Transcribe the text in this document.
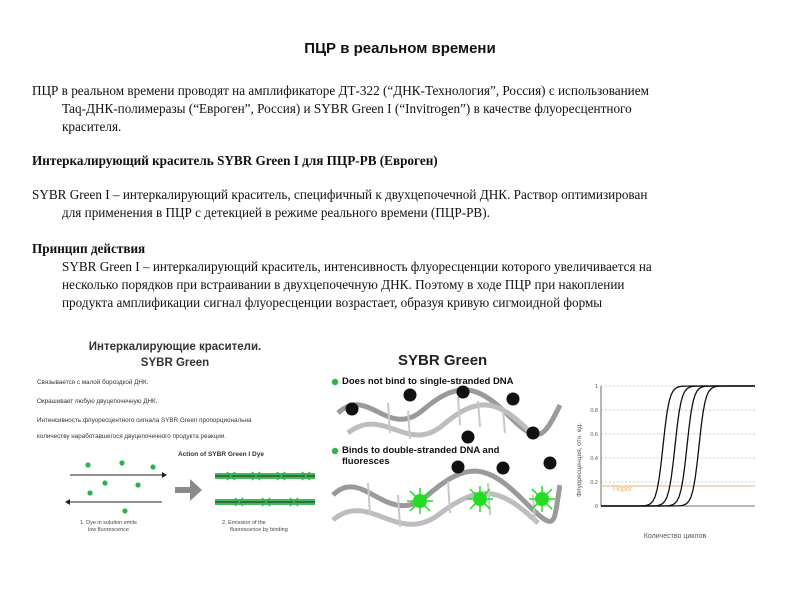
ПЦР в реальном времени
ПЦР в реальном времени проводят на амплификаторе ДТ-322 (“ДНК-Технология”, Россия) с использованием
Taq-ДНК-полимеразы (“Евроген”, Россия) и SYBR Green I (“Invitrogen”) в качестве флуоресцентного
красителя.
Интеркалирующий краситель SYBR Green I для ПЦР-РВ (Евроген)
SYBR Green I – интеркалирующий краситель, специфичный к двухцепочечной ДНК. Раствор оптимизирован
для применения в ПЦР с детекцией в режиме реального времени (ПЦР-РВ).
Принцип действия
SYBR Green I – интеркалирующий краситель, интенсивность флуоресценции которого увеличивается на
несколько порядков при встраивании в двухцепочечную ДНК. Поэтому в ходе ПЦР при накоплении
продукта амплификации сигнал флуоресценции возрастает, образуя кривую сигмоидной формы
Интеркалирующие красители.
SYBR Green
Связывается с малой бороздкой ДНК.
Окрашивает любую двуцепочечную ДНК.
Интенсивность флуоресцентного сигнала SYBR Green пропорциональна
количеству наработавшегося двуцепочечного продукта реакции.
Action of SYBR Green I Dye
1. Dye in solution emits
low fluorescence
2. Emission of the
fluorescence by binding
SYBR Green
Does not bind to single-stranded DNA
Binds to double-stranded DNA and
fluoresces	Флуоресценция, отн. ед.
1
0.8
0.6
0.4
0.2
0
Порог
Количество циклов
